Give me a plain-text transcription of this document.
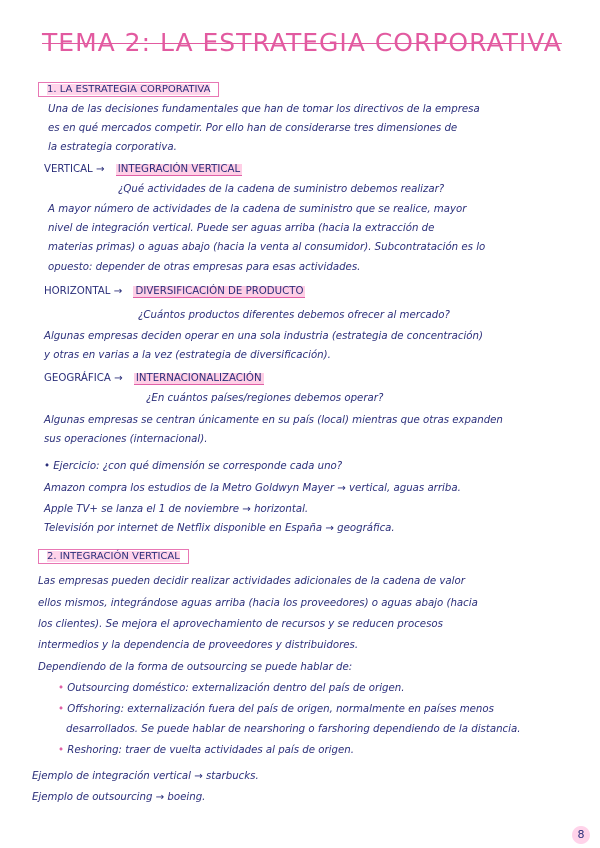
TEMA 2: LA ESTRATEGIA CORPORATIVA
1. LA ESTRATEGIA CORPORATIVA
Una de las decisiones fundamentales que han de tomar los directivos de la empresa
es en qué mercados competir. Por ello han de considerarse tres dimensiones de
la estrategia corporativa.
VERTICAL → INTEGRACIÓN VERTICAL
¿Qué actividades de la cadena de suministro debemos realizar?
A mayor número de actividades de la cadena de suministro que se realice, mayor
nivel de integración vertical. Puede ser aguas arriba (hacia la extracción de
materias primas) o aguas abajo (hacia la venta al consumidor). Subcontratación es lo
opuesto: depender de otras empresas para esas actividades.
HORIZONTAL → DIVERSIFICACIÓN DE PRODUCTO
¿Cuántos productos diferentes debemos ofrecer al mercado?
Algunas empresas deciden operar en una sola industria (estrategia de concentración)
y otras en varias a la vez (estrategia de diversificación).
GEOGRÁFICA → INTERNACIONALIZACIÓN
¿En cuántos países/regiones debemos operar?
Algunas empresas se centran únicamente en su país (local) mientras que otras expanden
sus operaciones (internacional).
• Ejercicio: ¿con qué dimensión se corresponde cada uno?
Amazon compra los estudios de la Metro Goldwyn Mayer → vertical, aguas arriba.
Apple TV+ se lanza el 1 de noviembre → horizontal.
Televisión por internet de Netflix disponible en España → geográfica.
2. INTEGRACIÓN VERTICAL
Las empresas pueden decidir realizar actividades adicionales de la cadena de valor
ellos mismos, integrándose aguas arriba (hacia los proveedores) o aguas abajo (hacia
los clientes). Se mejora el aprovechamiento de recursos y se reducen procesos
intermedios y la dependencia de proveedores y distribuidores.
Dependiendo de la forma de outsourcing se puede hablar de:
• Outsourcing doméstico: externalización dentro del país de origen.
• Offshoring: externalización fuera del país de origen, normalmente en países menos
desarrollados. Se puede hablar de nearshoring o farshoring dependiendo de la distancia.
• Reshoring: traer de vuelta actividades al país de origen.
Ejemplo de integración vertical → starbucks.
Ejemplo de outsourcing → boeing.
8
